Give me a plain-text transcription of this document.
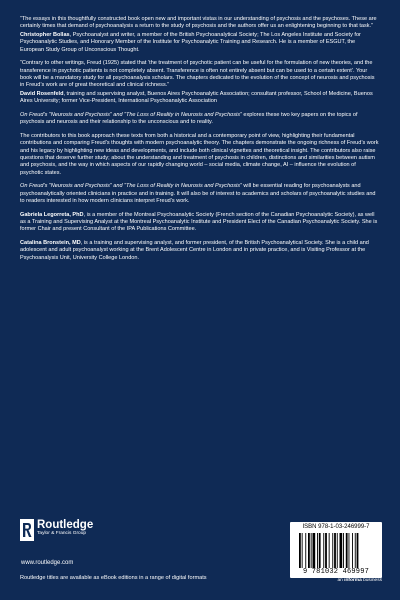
“The essays in this thoughtfully constructed book open new and important vistas in our understanding of psychosis and the psychoses. These are certainly times that demand of psychoanalysis a return to the study of psychosis and the authors offer us an enlightening beginning to that task.”

Christopher Bollas, Psychoanalyst and writer, a member of the British Psychoanalytical Society; The Los Angeles Institute and Society for Psychoanalytic Studies, and Honorary Member of the Institute for Psychoanalytic Training and Research. He is a member of ESGUT, the European Study Group of Unconscious Thought.

“Contrary to other writings, Freud (1925) stated that ‘the treatment of psychotic patient can be useful for the formulation of new theories, and the transference in psychotic patients is not completely absent. Transference is often not entirely absent but can be used to a certain extent’. Your book will be a mandatory study for all psychoanalysis scholars. The chapters dedicated to the evolution of the concept of neurosis and psychosis in Freud’s work are of great theoretical and clinical richness.”

David Rosenfeld, training and supervising analyst, Buenos Aires Psychoanalytic Association; consultant professor, School of Medicine, Buenos Aires University; former Vice-President, International Psychoanalytic Association

On Freud’s “Neurosis and Psychosis” and “The Loss of Reality in Neurosis and Psychosis” explores these two key papers on the topics of psychosis and neurosis and their relationship to the unconscious and to reality.

The contributors to this book approach these texts from both a historical and a contemporary point of view, highlighting their fundamental contributions and comparing Freud’s thoughts with modern psychoanalytic theory. The chapters demonstrate the ongoing richness of Freud’s work and his legacy by highlighting new ideas and developments, and include both clinical vignettes and theoretical insight. The contributors also raise questions that deserve further study; about the understanding and treatment of psychosis in children, distinctions and similarities between autism and psychosis, and the way in which aspects of our rapidly changing world – social media, climate change, AI – influence the evolution of psychotic states.

On Freud’s “Neurosis and Psychosis” and “The Loss of Reality in Neurosis and Psychosis” will be essential reading for psychoanalysts and psychoanalytically oriented clinicians in practice and in training. It will also be of interest to academics and scholars of psychoanalytic studies and to readers interested in how modern clinicians interpret Freud’s work.

Gabriela Legorreta, PhD, is a member of the Montreal Psychoanalytic Society (French section of the Canadian Psychoanalytic Society), as well as a Training and Supervising Analyst at the Montreal Psychoanalytic Institute and President Elect of the Canadian Psychoanalytic Society. She is former Chair and present Consultant of the IPA Publications Committee.

Catalina Bronstein, MD, is a training and supervising analyst, and former president, of the British Psychoanalytical Society. She is a child and adolescent and adult psychoanalyst working at the Brent Adolescent Centre in London and in private practice, and is Visiting Professor at the Psychoanalysis Unit, University College London.

Routledge
Taylor & Francis Group
www.routledge.com
Routledge titles are available as eBook editions in a range of digital formats
ISBN 978-1-03-246999-7
9 781032 469997
an informa business
